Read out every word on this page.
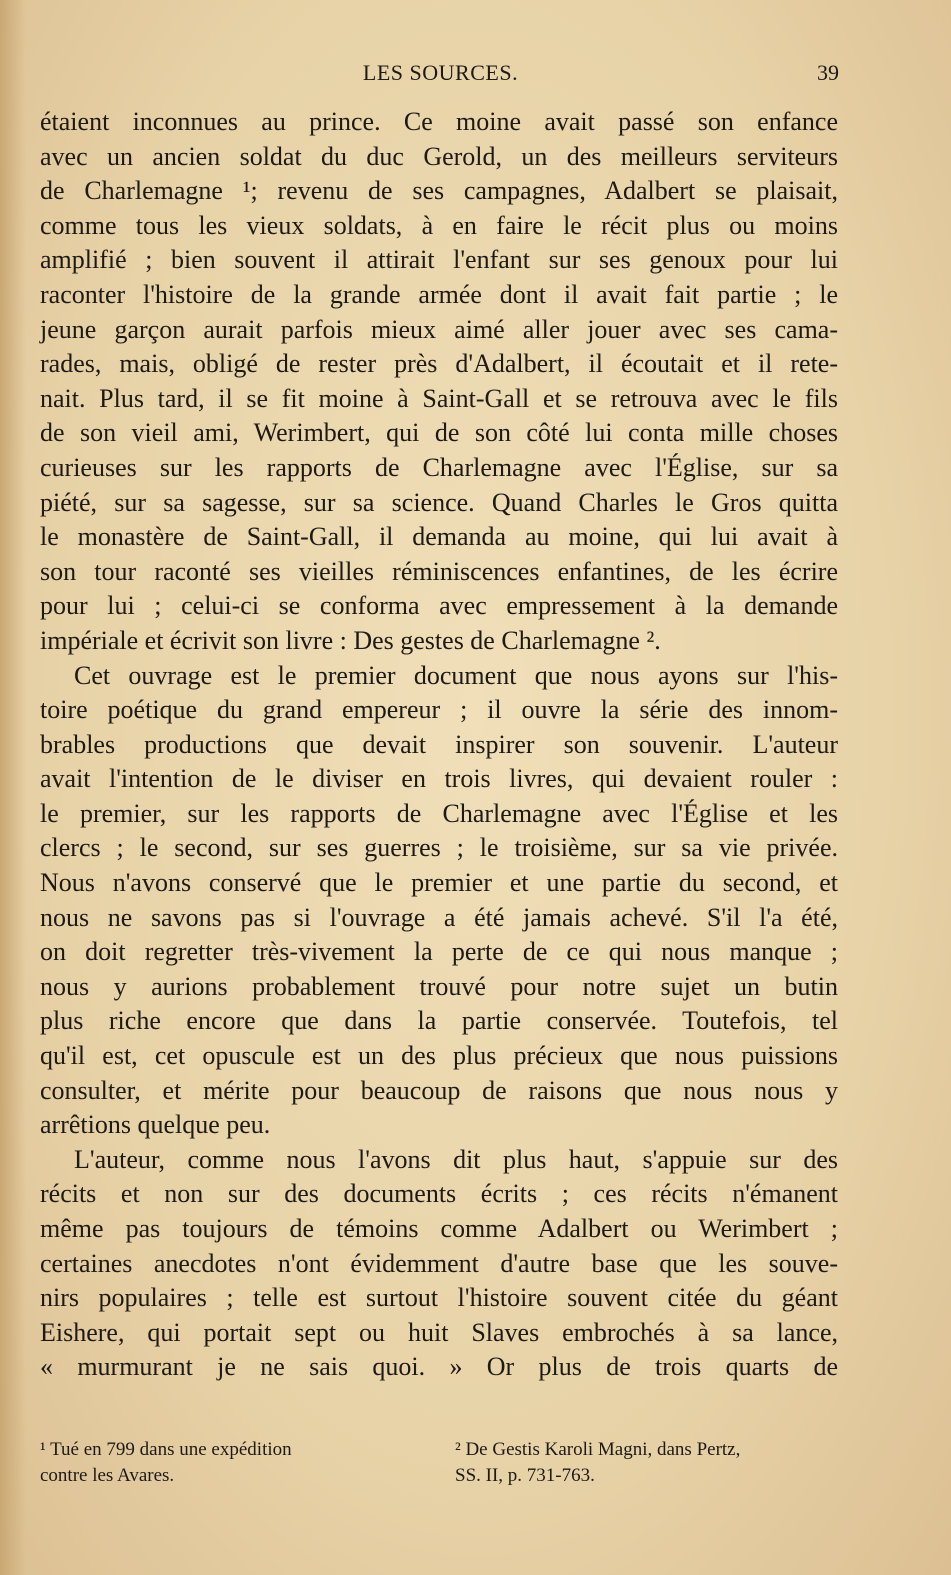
LES SOURCES.	39
étaient inconnues au prince. Ce moine avait passé son enfance
avec un ancien soldat du duc Gerold, un des meilleurs serviteurs
de Charlemagne ¹; revenu de ses campagnes, Adalbert se plaisait,
comme tous les vieux soldats, à en faire le récit plus ou moins
amplifié ; bien souvent il attirait l'enfant sur ses genoux pour lui
raconter l'histoire de la grande armée dont il avait fait partie ; le
jeune garçon aurait parfois mieux aimé aller jouer avec ses cama-
rades, mais, obligé de rester près d'Adalbert, il écoutait et il rete-
nait. Plus tard, il se fit moine à Saint-Gall et se retrouva avec le fils
de son vieil ami, Werimbert, qui de son côté lui conta mille choses
curieuses sur les rapports de Charlemagne avec l'Église, sur sa
piété, sur sa sagesse, sur sa science. Quand Charles le Gros quitta
le monastère de Saint-Gall, il demanda au moine, qui lui avait à
son tour raconté ses vieilles réminiscences enfantines, de les écrire
pour lui ; celui-ci se conforma avec empressement à la demande
impériale et écrivit son livre : Des gestes de Charlemagne ².
Cet ouvrage est le premier document que nous ayons sur l'his-
toire poétique du grand empereur ; il ouvre la série des innom-
brables productions que devait inspirer son souvenir. L'auteur
avait l'intention de le diviser en trois livres, qui devaient rouler :
le premier, sur les rapports de Charlemagne avec l'Église et les
clercs ; le second, sur ses guerres ; le troisième, sur sa vie privée.
Nous n'avons conservé que le premier et une partie du second, et
nous ne savons pas si l'ouvrage a été jamais achevé. S'il l'a été,
on doit regretter très-vivement la perte de ce qui nous manque ;
nous y aurions probablement trouvé pour notre sujet un butin
plus riche encore que dans la partie conservée. Toutefois, tel
qu'il est, cet opuscule est un des plus précieux que nous puissions
consulter, et mérite pour beaucoup de raisons que nous nous y
arrêtions quelque peu.
L'auteur, comme nous l'avons dit plus haut, s'appuie sur des
récits et non sur des documents écrits ; ces récits n'émanent
même pas toujours de témoins comme Adalbert ou Werimbert ;
certaines anecdotes n'ont évidemment d'autre base que les souve-
nirs populaires ; telle est surtout l'histoire souvent citée du géant
Eishere, qui portait sept ou huit Slaves embrochés à sa lance,
« murmurant je ne sais quoi. » Or plus de trois quarts de
¹ Tué en 799 dans une expédition
contre les Avares.
² De Gestis Karoli Magni, dans Pertz,
SS. II, p. 731-763.
